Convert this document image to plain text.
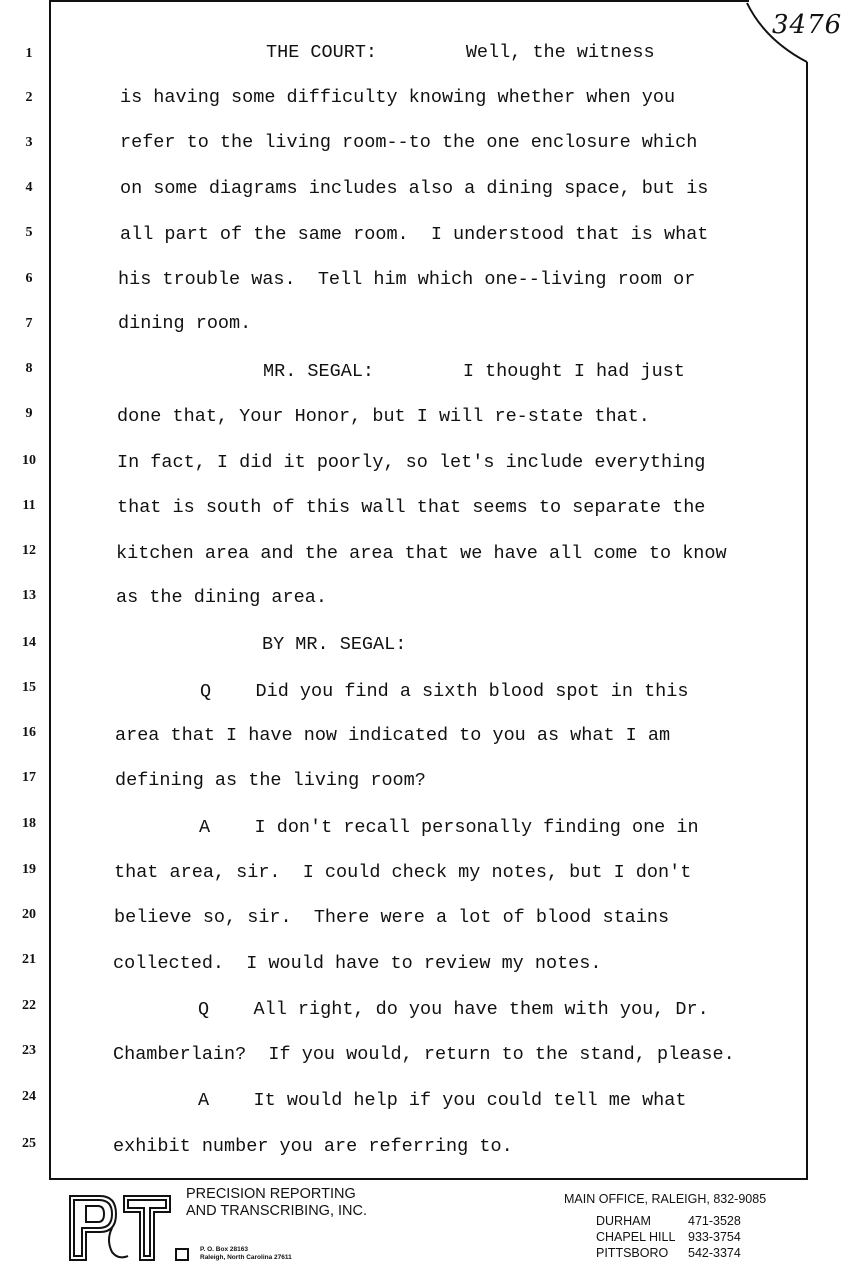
3476
1
2
3
4
5
6
7
8
9
10
11
12
13
14
15
16
17
18
19
20
21
22
23
24
25
THE COURT:        Well, the witness
is having some difficulty knowing whether when you
refer to the living room--to the one enclosure which
on some diagrams includes also a dining space, but is
all part of the same room.  I understood that is what
his trouble was.  Tell him which one--living room or
dining room.
MR. SEGAL:        I thought I had just
done that, Your Honor, but I will re-state that.
In fact, I did it poorly, so let's include everything
that is south of this wall that seems to separate the
kitchen area and the area that we have all come to know
as the dining area.
BY MR. SEGAL:
Q    Did you find a sixth blood spot in this
area that I have now indicated to you as what I am
defining as the living room?
A    I don't recall personally finding one in
that area, sir.  I could check my notes, but I don't
believe so, sir.  There were a lot of blood stains
collected.  I would have to review my notes.
Q    All right, do you have them with you, Dr.
Chamberlain?  If you would, return to the stand, please.
A    It would help if you could tell me what
exhibit number you are referring to.
PRECISION REPORTING
AND TRANSCRIBING, INC.
P. O. Box 28163
Raleigh, North Carolina 27611
MAIN OFFICE, RALEIGH, 832-9085
DURHAM	471-3528
CHAPEL HILL 933-3754
PITTSBORO 542-3374
